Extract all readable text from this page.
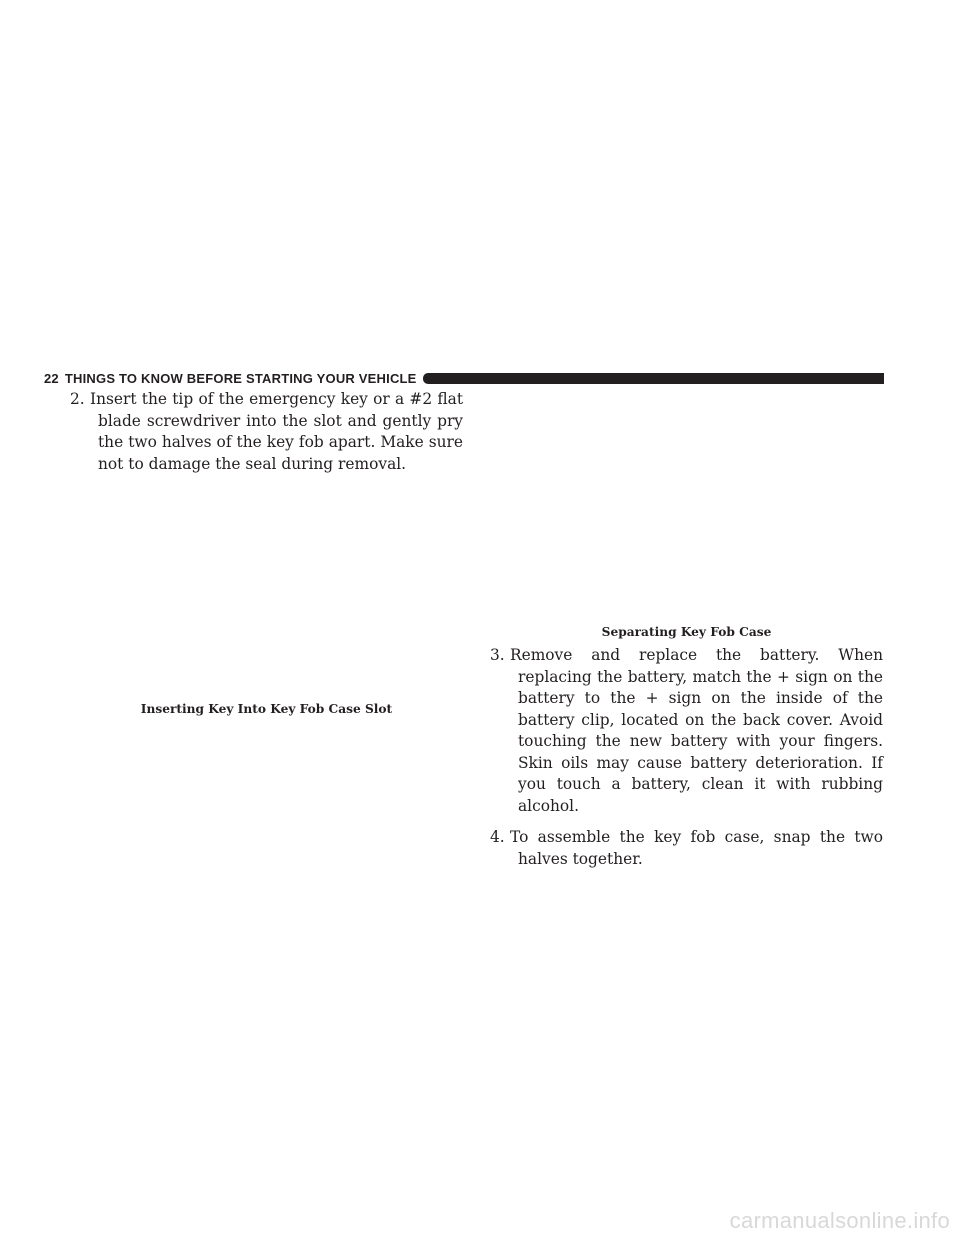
22 THINGS TO KNOW BEFORE STARTING YOUR VEHICLE

2. Insert the tip of the emergency key or a #2 flat blade screwdriver into the slot and gently pry the two halves of the key fob apart. Make sure not to damage the seal during removal.

Inserting Key Into Key Fob Case Slot
Separating Key Fob Case

3. Remove and replace the battery. When replacing the battery, match the + sign on the battery to the + sign on the inside of the battery clip, located on the back cover. Avoid touching the new battery with your fingers. Skin oils may cause battery deterioration. If you touch a battery, clean it with rubbing alcohol.

4. To assemble the key fob case, snap the two halves together.

carmanualsonline.info
